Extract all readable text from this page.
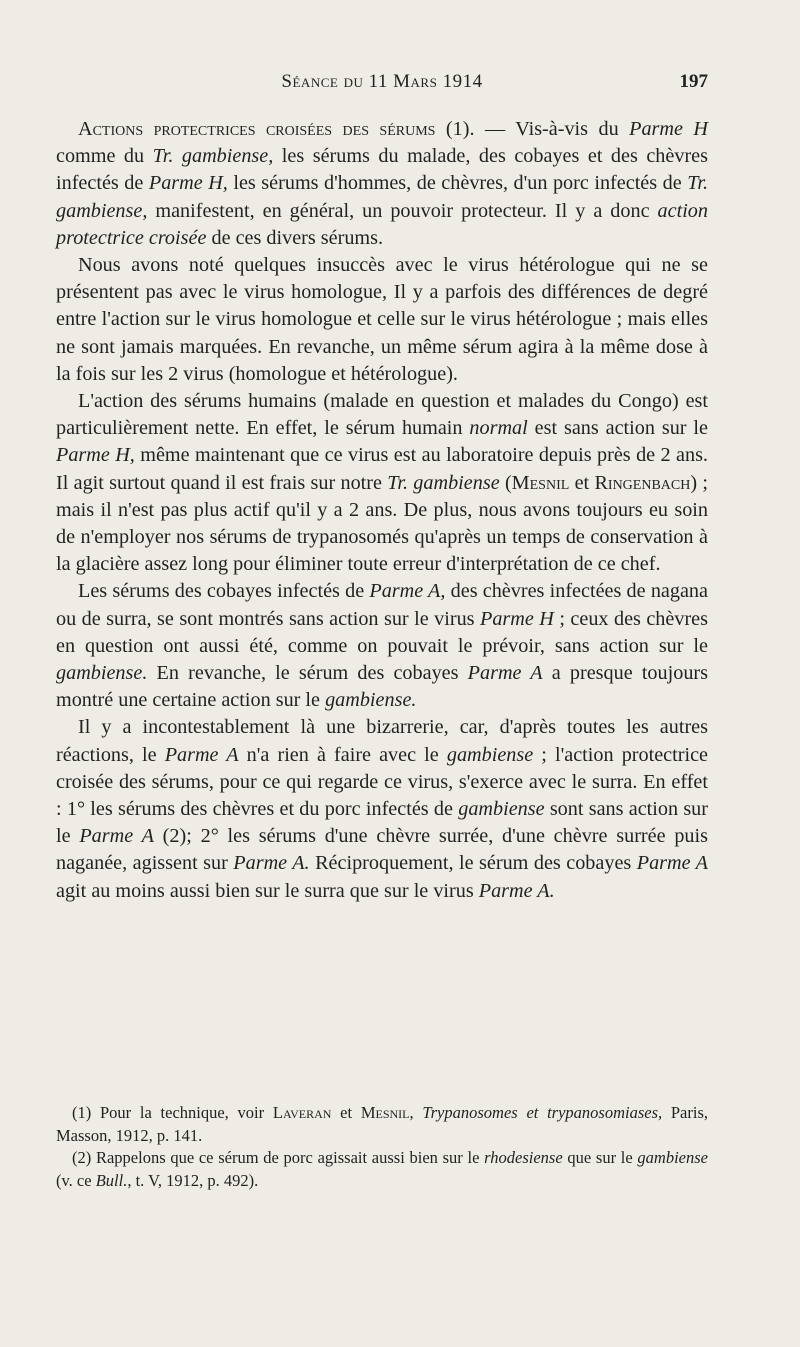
Séance du 11 Mars 1914	197

Actions protectrices croisées des sérums (1). — Vis-à-vis du Parme H comme du Tr. gambiense, les sérums du malade, des cobayes et des chèvres infectés de Parme H, les sérums d'hommes, de chèvres, d'un porc infectés de Tr. gambiense, manifestent, en général, un pouvoir protecteur. Il y a donc action protectrice croisée de ces divers sérums.

Nous avons noté quelques insuccès avec le virus hétérologue qui ne se présentent pas avec le virus homologue, Il y a parfois des différences de degré entre l'action sur le virus homologue et celle sur le virus hétérologue ; mais elles ne sont jamais marquées. En revanche, un même sérum agira à la même dose à la fois sur les 2 virus (homologue et hétérologue).

L'action des sérums humains (malade en question et malades du Congo) est particulièrement nette. En effet, le sérum humain normal est sans action sur le Parme H, même maintenant que ce virus est au laboratoire depuis près de 2 ans. Il agit surtout quand il est frais sur notre Tr. gambiense (Mesnil et Ringenbach) ; mais il n'est pas plus actif qu'il y a 2 ans. De plus, nous avons toujours eu soin de n'employer nos sérums de trypanosomés qu'après un temps de conservation à la glacière assez long pour éliminer toute erreur d'interprétation de ce chef.

Les sérums des cobayes infectés de Parme A, des chèvres infectées de nagana ou de surra, se sont montrés sans action sur le virus Parme H ; ceux des chèvres en question ont aussi été, comme on pouvait le prévoir, sans action sur le gambiense. En revanche, le sérum des cobayes Parme A a presque toujours montré une certaine action sur le gambiense.

Il y a incontestablement là une bizarrerie, car, d'après toutes les autres réactions, le Parme A n'a rien à faire avec le gambiense ; l'action protectrice croisée des sérums, pour ce qui regarde ce virus, s'exerce avec le surra. En effet : 1° les sérums des chèvres et du porc infectés de gambiense sont sans action sur le Parme A (2); 2° les sérums d'une chèvre surrée, d'une chèvre surrée puis naganée, agissent sur Parme A. Réciproquement, le sérum des cobayes Parme A agit au moins aussi bien sur le surra que sur le virus Parme A.

(1) Pour la technique, voir Laveran et Mesnil, Trypanosomes et trypanosomiases, Paris, Masson, 1912, p. 141.

(2) Rappelons que ce sérum de porc agissait aussi bien sur le rhodesiense que sur le gambiense (v. ce Bull., t. V, 1912, p. 492).
